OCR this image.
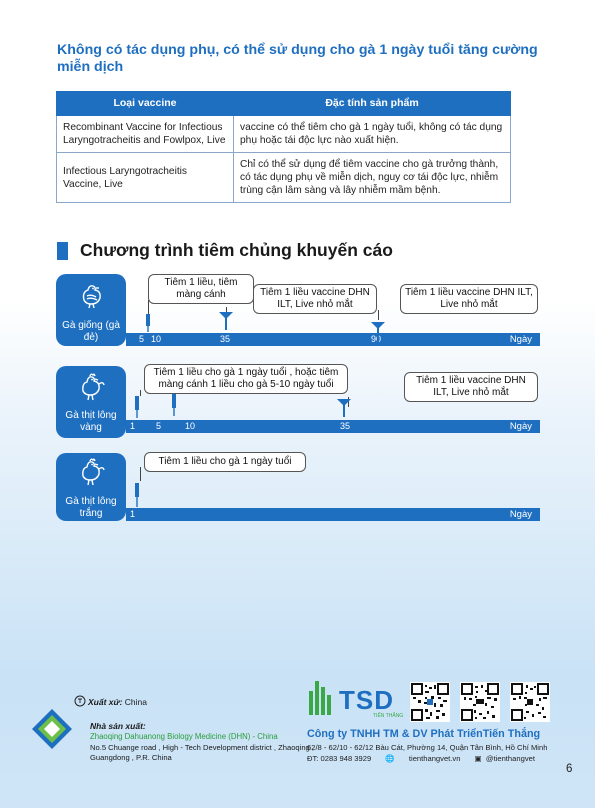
Không có tác dụng phụ, có thể sử dụng cho gà 1 ngày tuổi tăng cường miễn dịch
Loại vaccine	Đặc tính sản phẩm
Recombinant Vaccine for Infectious Laryngotracheitis and Fowlpox, Live	vaccine có thể tiêm cho gà 1 ngày tuổi, không có tác dụng phụ hoặc tái độc lực nào xuất hiện.
Infectious Laryngotracheitis Vaccine, Live	Chỉ có thể sử dụng để tiêm vaccine cho gà trưởng thành, có tác dụng phụ về miễn dịch, nguy cơ tái độc lực, nhiễm trùng cận lâm sàng và lây nhiễm mầm bệnh.
Chương trình tiêm chủng khuyến cáo
Gà giống (gà đẻ)	5 10	35	90	Ngày
Tiêm 1 liều, tiêm màng cánh	Tiêm 1 liều vaccine DHN ILT, Live nhỏ mắt
Tiêm 1 liều vaccine DHN ILT, Live nhỏ mắt
Gà thịt lông vàng	1 5	10	35	Ngày
Tiêm 1 liều cho gà 1 ngày tuổi , hoặc tiêm màng cánh 1 liều cho gà 5-10 ngày tuổi	Tiêm 1 liều vaccine DHN ILT, Live nhỏ mắt
Gà thịt lông trắng	1	Ngày
Tiêm 1 liều cho gà 1 ngày tuổi
Xuất xứ: China
Nhà sản xuất:
Zhaoqing Dahuanong Biology Medicine (DHN) - China
No.5 Chuange road , High - Tech Development district , Zhaoqing , Guangdong , P.R. China
TSD
TIẾN THẮNG
Công ty TNHH TM & DV Phát TriểnTiến Thắng
62/8 - 62/10 - 62/12 Bàu Cát, Phường 14, Quận Tân Bình, Hồ Chí Minh
ĐT: 0283 948 3929 🌐 tienthangvet.vn ▣ @tienthangvet
6
